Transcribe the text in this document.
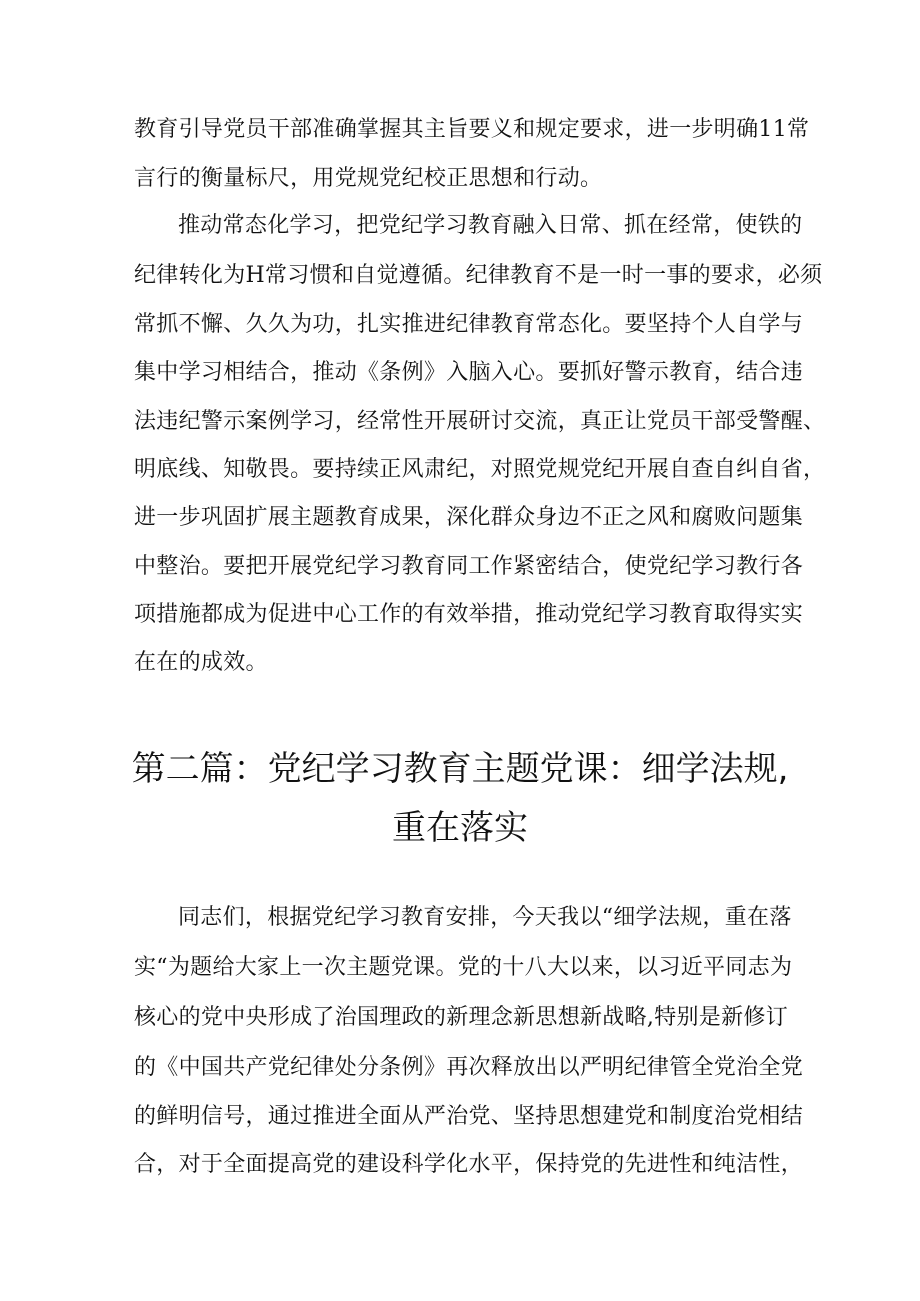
教育引导党员干部准确掌握其主旨要义和规定要求，进一步明确11常
言行的衡量标尺，用党规党纪校正思想和行动。
推动常态化学习，把党纪学习教育融入日常、抓在经常，使铁的
纪律转化为H常习惯和自觉遵循。纪律教育不是一时一事的要求，必须
常抓不懈、久久为功，扎实推进纪律教育常态化。要坚持个人自学与
集中学习相结合，推动《条例》入脑入心。要抓好警示教育，结合违
法违纪警示案例学习，经常性开展研讨交流，真正让党员干部受警醒、
明底线、知敬畏。要持续正风肃纪，对照党规党纪开展自查自纠自省，
进一步巩固扩展主题教育成果，深化群众身边不正之风和腐败问题集
中整治。要把开展党纪学习教育同工作紧密结合，使党纪学习教行各
项措施都成为促进中心工作的有效举措，推动党纪学习教育取得实实
在在的成效。
第二篇：党纪学习教育主题党课：细学法规,
重在落实
同志们，根据党纪学习教育安排，今天我以“细学法规，重在落
实“为题给大家上一次主题党课。党的十八大以来，以习近平同志为
核心的党中央形成了治国理政的新理念新思想新战略,特别是新修订
的《中国共产党纪律处分条例》再次释放出以严明纪律管全党治全党
的鲜明信号，通过推进全面从严治党、坚持思想建党和制度治党相结
合，对于全面提高党的建设科学化水平，保持党的先进性和纯洁性，
